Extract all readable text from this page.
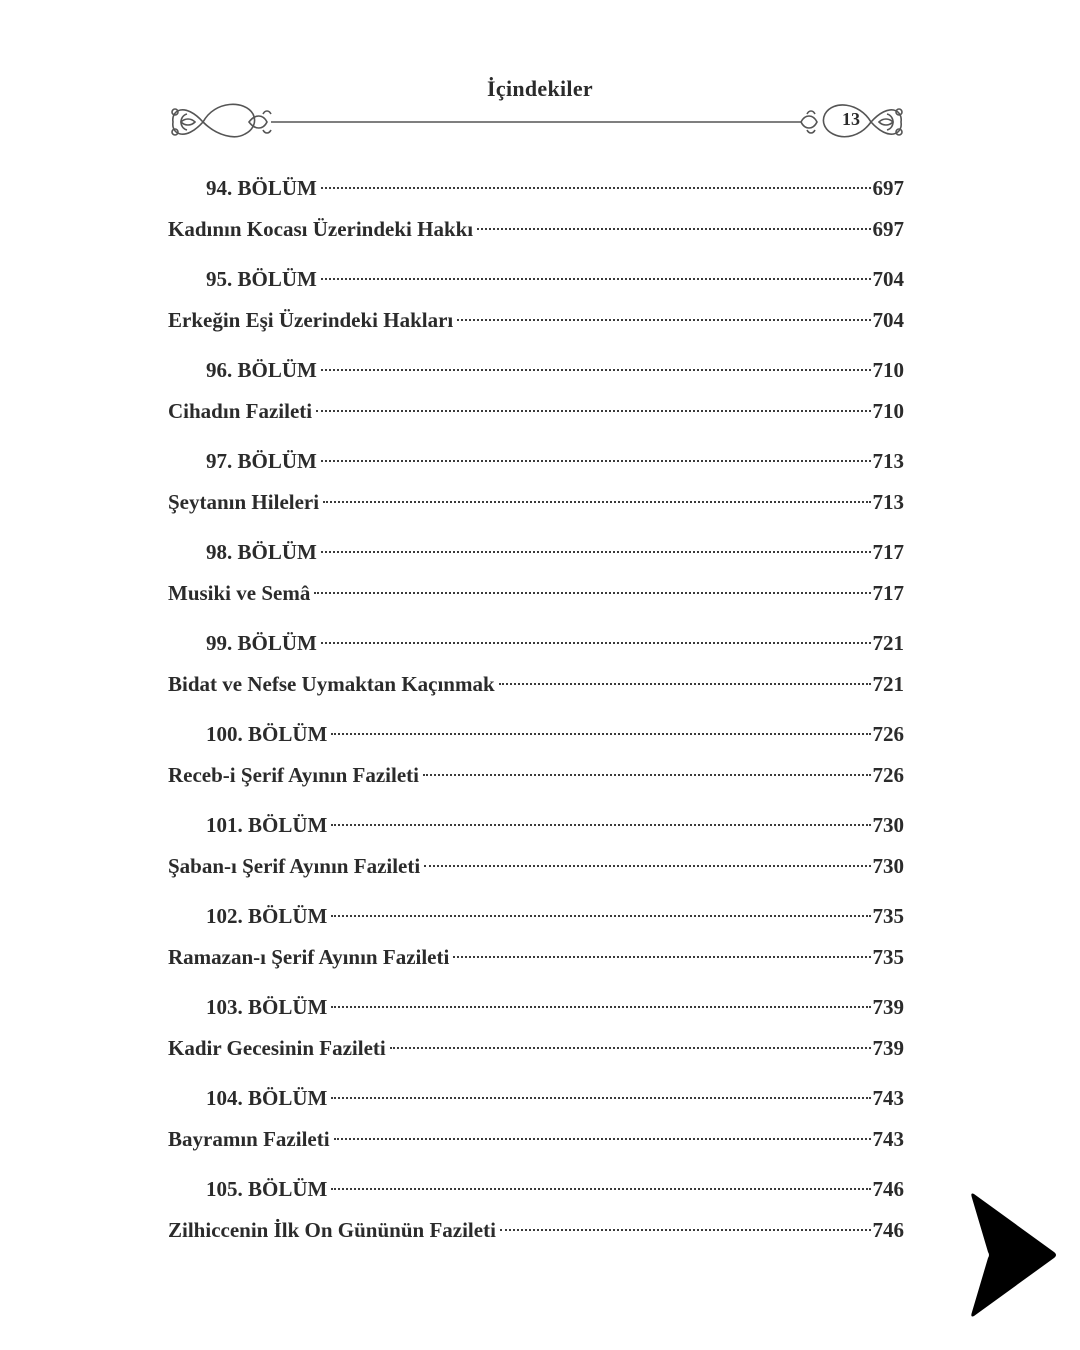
İçindekiler
13
94. BÖLÜM	697
Kadının Kocası Üzerindeki Hakkı	697
95. BÖLÜM	704
Erkeğin Eşi Üzerindeki Hakları	704
96. BÖLÜM	710
Cihadın Fazileti	710
97. BÖLÜM	713
Şeytanın Hileleri	713
98. BÖLÜM	717
Musiki ve Semâ	717
99. BÖLÜM	721
Bidat ve Nefse Uymaktan Kaçınmak	721
100. BÖLÜM	726
Receb-i Şerif Ayının Fazileti	726
101. BÖLÜM	730
Şaban-ı Şerif Ayının Fazileti	730
102. BÖLÜM	735
Ramazan-ı Şerif Ayının Fazileti	735
103. BÖLÜM	739
Kadir Gecesinin Fazileti	739
104. BÖLÜM	743
Bayramın Fazileti	743
105. BÖLÜM	746
Zilhiccenin İlk On Gününün Fazileti	746
